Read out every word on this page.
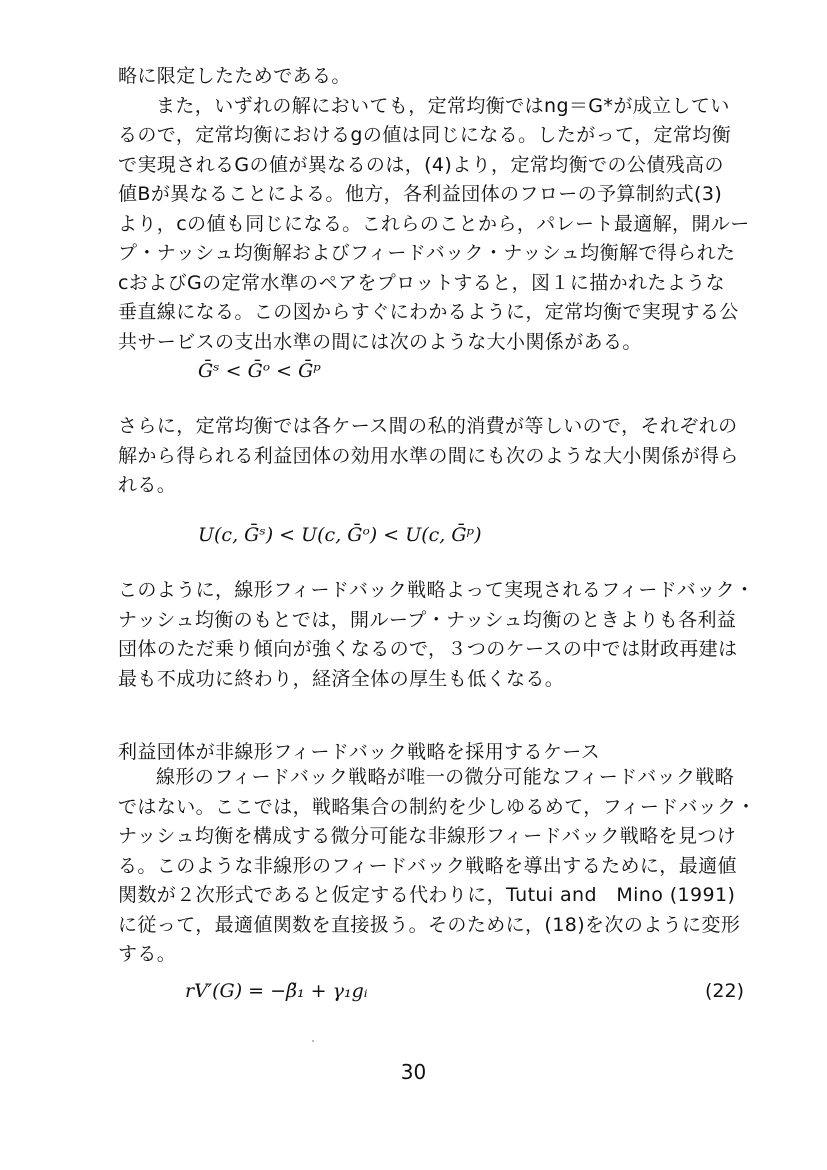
略に限定したためである。
また，いずれの解においても，定常均衡ではng＝G*が成立してい
るので，定常均衡におけるgの値は同じになる。したがって，定常均衡
で実現されるGの値が異なるのは，(4)より，定常均衡での公債残高の
値Bが異なることによる。他方，各利益団体のフローの予算制約式(3)
より，cの値も同じになる。これらのことから，パレート最適解，開ルー
プ・ナッシュ均衡解およびフィードバック・ナッシュ均衡解で得られた
cおよびGの定常水準のペアをプロットすると，図１に描かれたような
垂直線になる。この図からすぐにわかるように，定常均衡で実現する公
共サービスの支出水準の間には次のような大小関係がある。
Ḡˢ < Ḡᵒ < Ḡᵖ
さらに，定常均衡では各ケース間の私的消費が等しいので，それぞれの
解から得られる利益団体の効用水準の間にも次のような大小関係が得ら
れる。
U(c, Ḡˢ) < U(c, Ḡᵒ) < U(c, Ḡᵖ)
このように，線形フィードバック戦略よって実現されるフィードバック・
ナッシュ均衡のもとでは，開ループ・ナッシュ均衡のときよりも各利益
団体のただ乗り傾向が強くなるので，３つのケースの中では財政再建は
最も不成功に終わり，経済全体の厚生も低くなる。
利益団体が非線形フィードバック戦略を採用するケース
線形のフィードバック戦略が唯一の微分可能なフィードバック戦略
ではない。ここでは，戦略集合の制約を少しゆるめて，フィードバック・
ナッシュ均衡を構成する微分可能な非線形フィードバック戦略を見つけ
る。このような非線形のフィードバック戦略を導出するために，最適値
関数が２次形式であると仮定する代わりに，Tutui and　Mino (1991)
に従って，最適値関数を直接扱う。そのために，(18)を次のように変形
する。
rV′(G) = −β̃₁ + γ₁gᵢ	(22)
30
